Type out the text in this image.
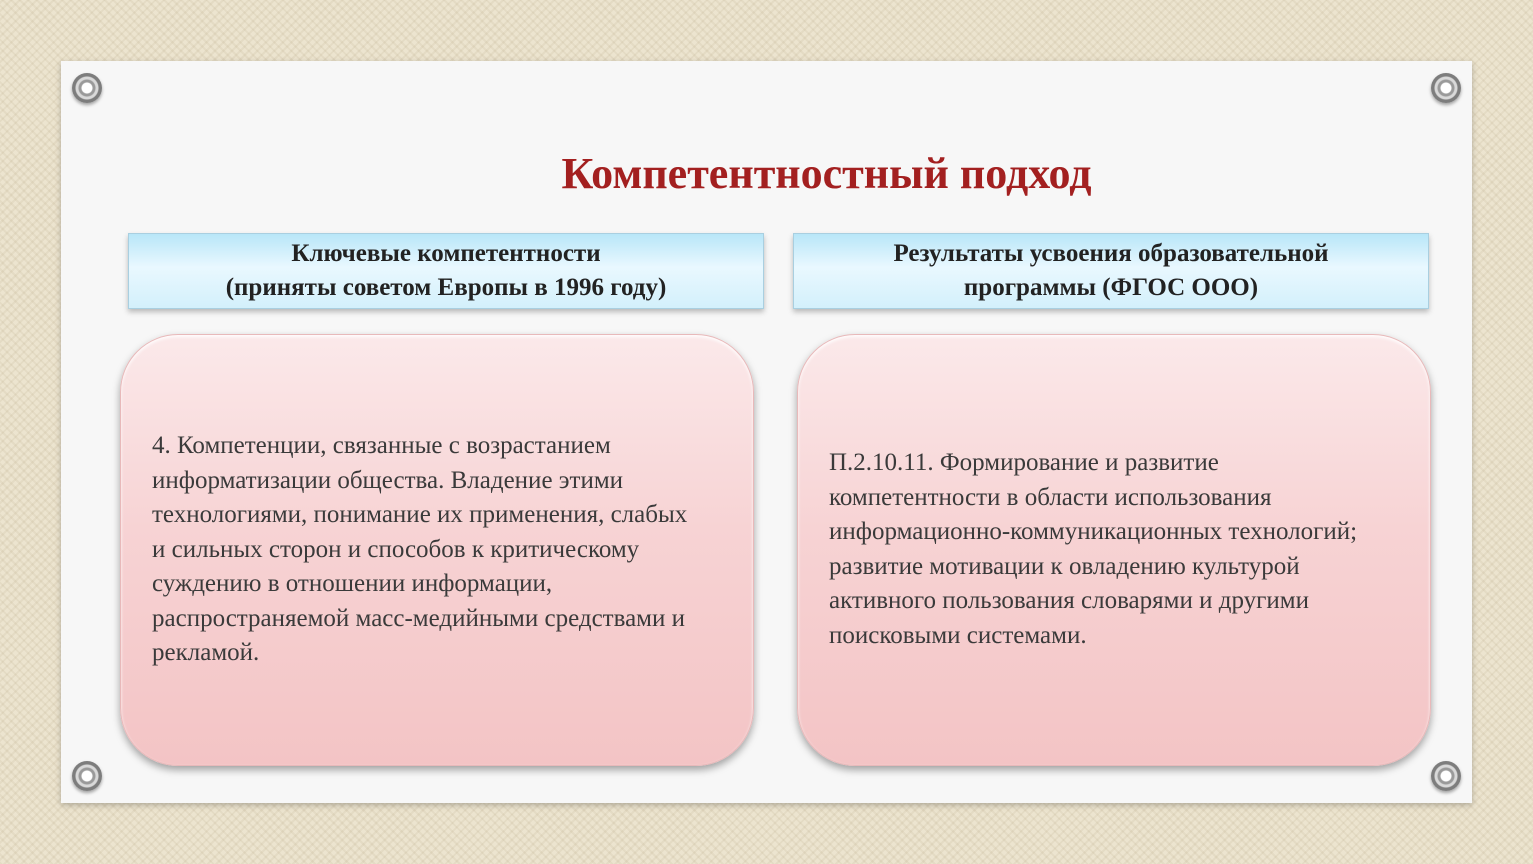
Компетентностный подход
Ключевые компетентности
(приняты советом Европы в 1996 году)
Результаты усвоения образовательной
программы (ФГОС ООО)

4. Компетенции, связанные с возрастанием информатизации общества. Владение этими технологиями, понимание их применения, слабых и сильных сторон и способов к критическому суждению в отношении информации, распространяемой масс-медийными средствами и рекламой.

П.2.10.11. Формирование и развитие компетентности в области использования информационно-коммуникационных технологий; развитие мотивации к овладению культурой активного пользования словарями и другими поисковыми системами.
